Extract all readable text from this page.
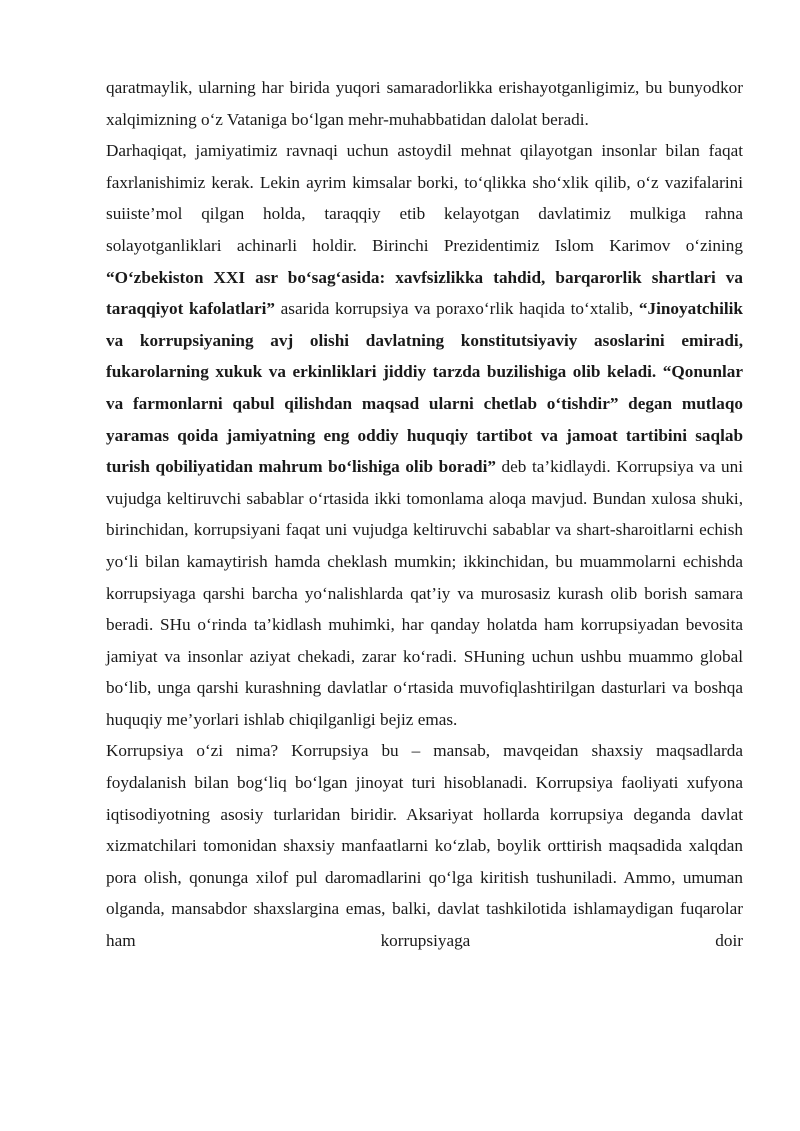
qaratmaylik, ularning har birida yuqori samaradorlikka erishayotganligimiz, bu bunyodkor xalqimizning o‘z Vataniga bo‘lgan mehr-muhabbatidan dalolat beradi.

Darhaqiqat, jamiyatimiz ravnaqi uchun astoydil mehnat qilayotgan insonlar bilan faqat faxrlanishimiz kerak. Lekin ayrim kimsalar borki, to‘qlikka sho‘xlik qilib, o‘z vazifalarini suiiste’mol qilgan holda, taraqqiy etib kelayotgan davlatimiz mulkiga rahna solayotganliklari achinarli holdir. Birinchi Prezidentimiz Islom Karimov o‘zining “O‘zbekiston XXI asr bo‘sag‘asida: xavfsizlikka tahdid, barqarorlik shartlari va taraqqiyot kafolatlari” asarida korrupsiya va poraxo‘rlik haqida to‘xtalib, “Jinoyatchilik va korrupsiyaning avj olishi davlatning konstitutsiyaviy asoslarini emiradi, fukarolarning xukuk va erkinliklari jiddiy tarzda buzilishiga olib keladi. “Qonunlar va farmonlarni qabul qilishdan maqsad ularni chetlab o‘tishdir” degan mutlaqo yaramas qoida jamiyatning eng oddiy huquqiy tartibot va jamoat tartibini saqlab turish qobiliyatidan mahrum bo‘lishiga olib boradi” deb ta’kidlaydi. Korrupsiya va uni vujudga keltiruvchi sabablar o‘rtasida ikki tomonlama aloqa mavjud. Bundan xulosa shuki, birinchidan, korrupsiyani faqat uni vujudga keltiruvchi sabablar va shart-sharoitlarni echish yo‘li bilan kamaytirish hamda cheklash mumkin; ikkinchidan, bu muammolarni echishda korrupsiyaga qarshi barcha yo‘nalishlarda qat’iy va murosasiz kurash olib borish samara beradi. SHu o‘rinda ta’kidlash muhimki, har qanday holatda ham korrupsiyadan bevosita jamiyat va insonlar aziyat chekadi, zarar ko‘radi. SHuning uchun ushbu muammo global bo‘lib, unga qarshi kurashning davlatlar o‘rtasida muvofiqlashtirilgan dasturlari va boshqa huquqiy me’yorlari ishlab chiqilganligi bejiz emas.

Korrupsiya o‘zi nima? Korrupsiya bu – mansab, mavqeidan shaxsiy maqsadlarda foydalanish bilan bog‘liq bo‘lgan jinoyat turi hisoblanadi. Korrupsiya faoliyati xufyona iqtisodiyotning asosiy turlaridan biridir. Aksariyat hollarda korrupsiya deganda davlat xizmatchilari tomonidan shaxsiy manfaatlarni ko‘zlab, boylik orttirish maqsadida xalqdan pora olish, qonunga xilof pul daromadlarini qo‘lga kiritish tushuniladi. Ammo, umuman olganda, mansabdor shaxslargina emas, balki, davlat tashkilotida ishlamaydigan fuqarolar ham korrupsiyaga doir
